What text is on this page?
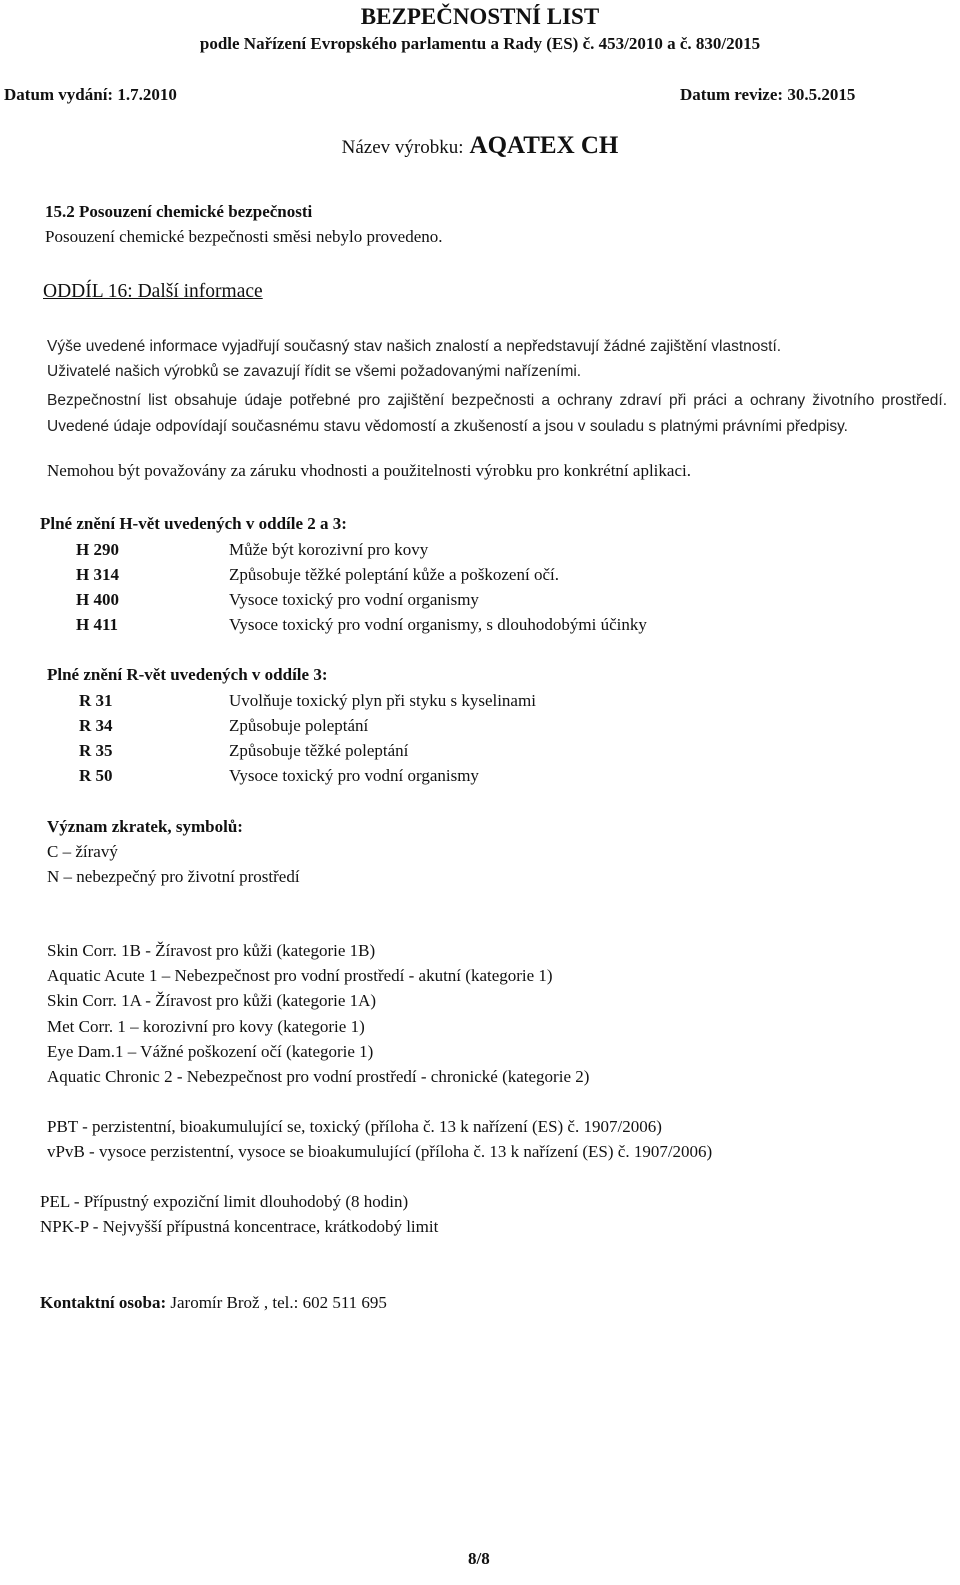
BEZPEČNOSTNÍ LIST
podle Nařízení Evropského parlamentu a Rady (ES) č. 453/2010 a č. 830/2015
Datum vydání: 1.7.2010	Datum revize: 30.5.2015
Název výrobku: AQATEX CH
15.2 Posouzení chemické bezpečnosti
Posouzení chemické bezpečnosti směsi nebylo provedeno.
ODDÍL 16: Další informace
Výše uvedené informace vyjadřují současný stav našich znalostí a nepředstavují žádné zajištění vlastností.
Uživatelé našich výrobků se zavazují řídit se všemi požadovanými nařízeními.
Bezpečnostní list obsahuje údaje potřebné pro zajištění bezpečnosti a ochrany zdraví při práci a ochrany životního prostředí. Uvedené údaje odpovídají současnému stavu vědomostí a zkušeností a jsou v souladu s platnými právními předpisy.
Nemohou být považovány za záruku vhodnosti a použitelnosti výrobku pro konkrétní aplikaci.
Plné znění H-vět uvedených v oddíle 2 a 3:
H 290	Může být korozivní pro kovy
H 314	Způsobuje těžké poleptání kůže a poškození očí.
H 400	Vysoce toxický pro vodní organismy
H 411	Vysoce toxický pro vodní organismy, s dlouhodobými účinky
Plné znění R-vět uvedených v oddíle 3:
R 31	Uvolňuje toxický plyn při styku s kyselinami
R 34	Způsobuje poleptání
R 35	Způsobuje těžké poleptání
R 50	Vysoce toxický pro vodní organismy
Význam zkratek, symbolů:
C – žíravý
N – nebezpečný pro životní prostředí
Skin Corr. 1B - Žíravost pro kůži (kategorie 1B)
Aquatic Acute 1 – Nebezpečnost pro vodní prostředí - akutní (kategorie 1)
Skin Corr. 1A - Žíravost pro kůži (kategorie 1A)
Met Corr. 1 – korozivní pro kovy (kategorie 1)
Eye Dam.1 – Vážné poškození očí (kategorie 1)
Aquatic Chronic 2 - Nebezpečnost pro vodní prostředí - chronické (kategorie 2)
PBT - perzistentní, bioakumulující se, toxický (příloha č. 13 k nařízení (ES) č. 1907/2006)
vPvB - vysoce perzistentní, vysoce se bioakumulující (příloha č. 13 k nařízení (ES) č. 1907/2006)
PEL - Přípustný expoziční limit dlouhodobý (8 hodin)
NPK-P - Nejvyšší přípustná koncentrace, krátkodobý limit
Kontaktní osoba: Jaromír Brož , tel.: 602 511 695
8/8
